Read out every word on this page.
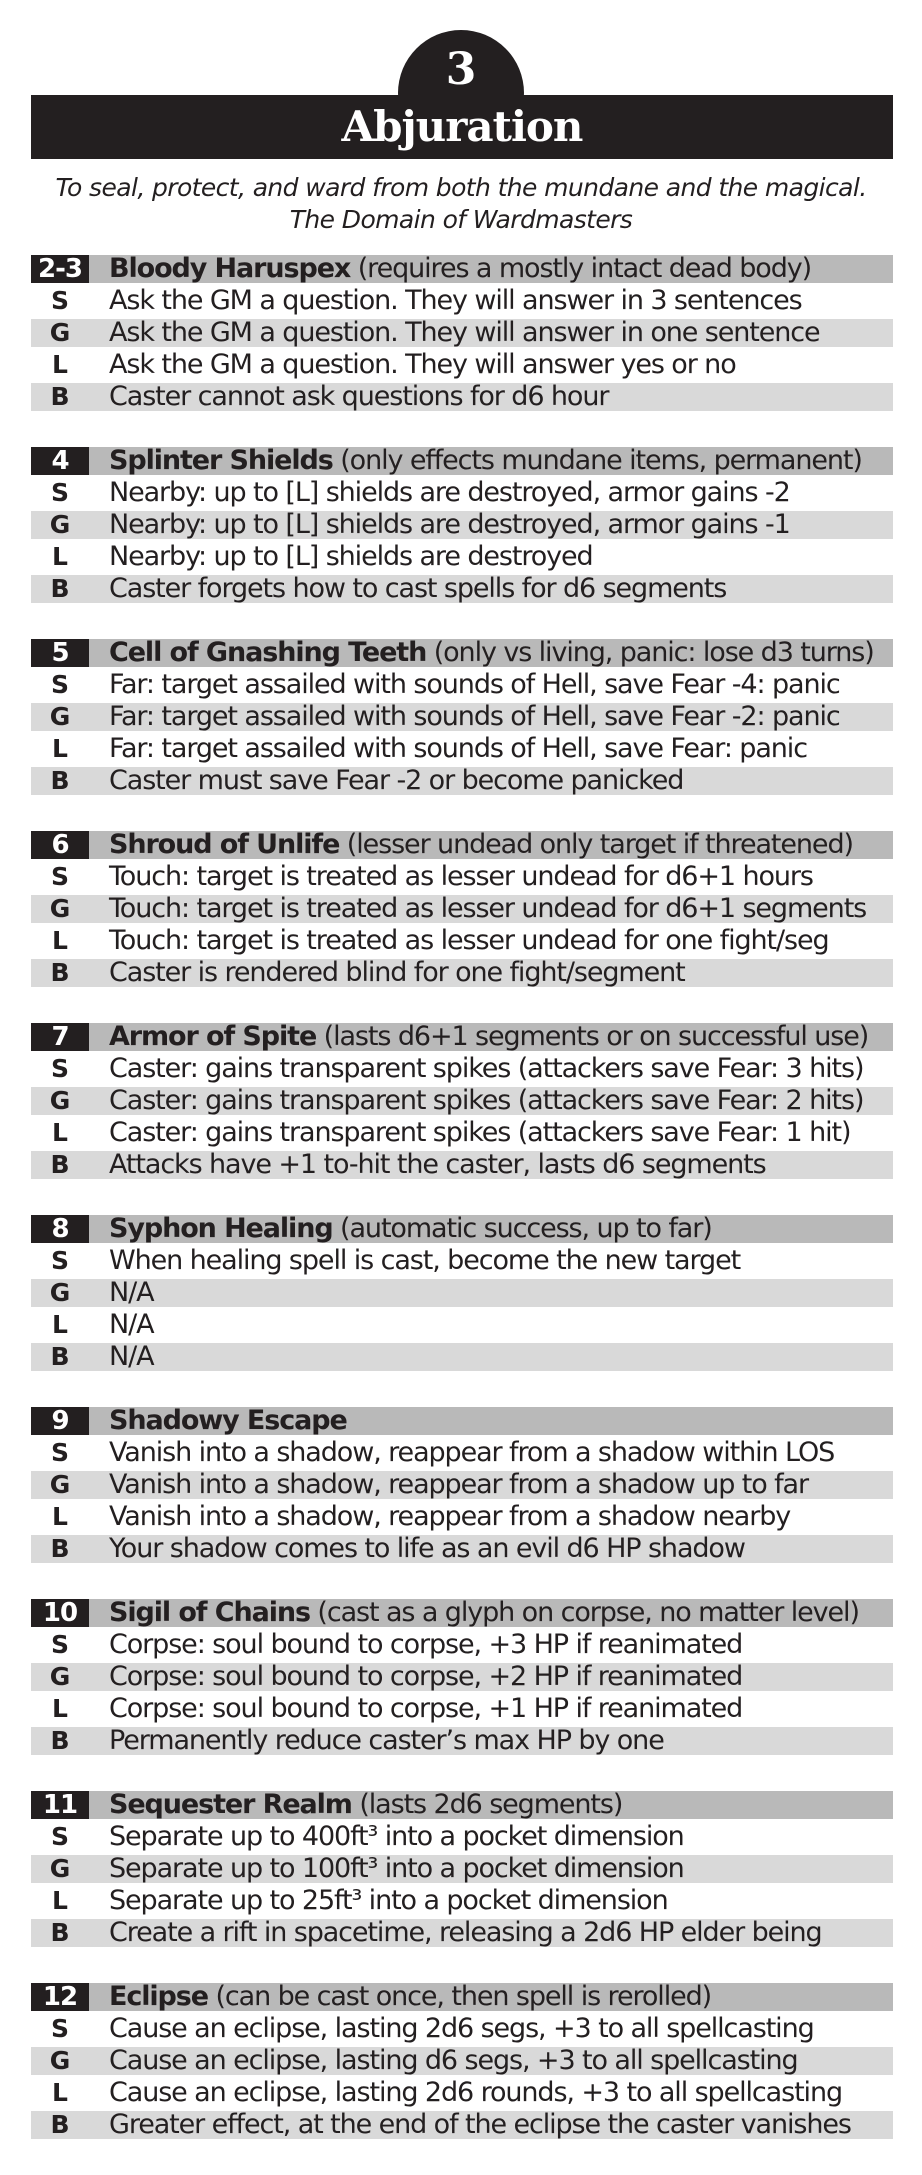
3
Abjuration
To seal, protect, and ward from both the mundane and the magical.
The Domain of Wardmasters
2-3 Bloody Haruspex (requires a mostly intact dead body)
S	Ask the GM a question. They will answer in 3 sentences
G	Ask the GM a question. They will answer in one sentence
L	Ask the GM a question. They will answer yes or no
B	Caster cannot ask questions for d6 hour
4	Splinter Shields (only effects mundane items, permanent)
S	Nearby: up to [L] shields are destroyed, armor gains -2
G	Nearby: up to [L] shields are destroyed, armor gains -1
L	Nearby: up to [L] shields are destroyed
B	Caster forgets how to cast spells for d6 segments
5	Cell of Gnashing Teeth (only vs living, panic: lose d3 turns)
S	Far: target assailed with sounds of Hell, save Fear -4: panic
G	Far: target assailed with sounds of Hell, save Fear -2: panic
L	Far: target assailed with sounds of Hell, save Fear: panic
B	Caster must save Fear -2 or become panicked
6	Shroud of Unlife (lesser undead only target if threatened)
S	Touch: target is treated as lesser undead for d6+1 hours
G	Touch: target is treated as lesser undead for d6+1 segments
L	Touch: target is treated as lesser undead for one fight/seg
B	Caster is rendered blind for one fight/segment
7	Armor of Spite (lasts d6+1 segments or on successful use)
S	Caster: gains transparent spikes (attackers save Fear: 3 hits)
G	Caster: gains transparent spikes (attackers save Fear: 2 hits)
L	Caster: gains transparent spikes (attackers save Fear: 1 hit)
B	Attacks have +1 to-hit the caster, lasts d6 segments
8	Syphon Healing (automatic success, up to far)
S	When healing spell is cast, become the new target
G	N/A
L	N/A
B	N/A
9	Shadowy Escape
S	Vanish into a shadow, reappear from a shadow within LOS
G	Vanish into a shadow, reappear from a shadow up to far
L	Vanish into a shadow, reappear from a shadow nearby
B	Your shadow comes to life as an evil d6 HP shadow
10	Sigil of Chains (cast as a glyph on corpse, no matter level)
S	Corpse: soul bound to corpse, +3 HP if reanimated
G	Corpse: soul bound to corpse, +2 HP if reanimated
L	Corpse: soul bound to corpse, +1 HP if reanimated
B	Permanently reduce caster’s max HP by one
11	Sequester Realm (lasts 2d6 segments)
S	Separate up to 400ft³ into a pocket dimension
G	Separate up to 100ft³ into a pocket dimension
L	Separate up to 25ft³ into a pocket dimension
B	Create a rift in spacetime, releasing a 2d6 HP elder being
12	Eclipse (can be cast once, then spell is rerolled)
S	Cause an eclipse, lasting 2d6 segs, +3 to all spellcasting
G	Cause an eclipse, lasting d6 segs, +3 to all spellcasting
L	Cause an eclipse, lasting 2d6 rounds, +3 to all spellcasting
B	Greater effect, at the end of the eclipse the caster vanishes
